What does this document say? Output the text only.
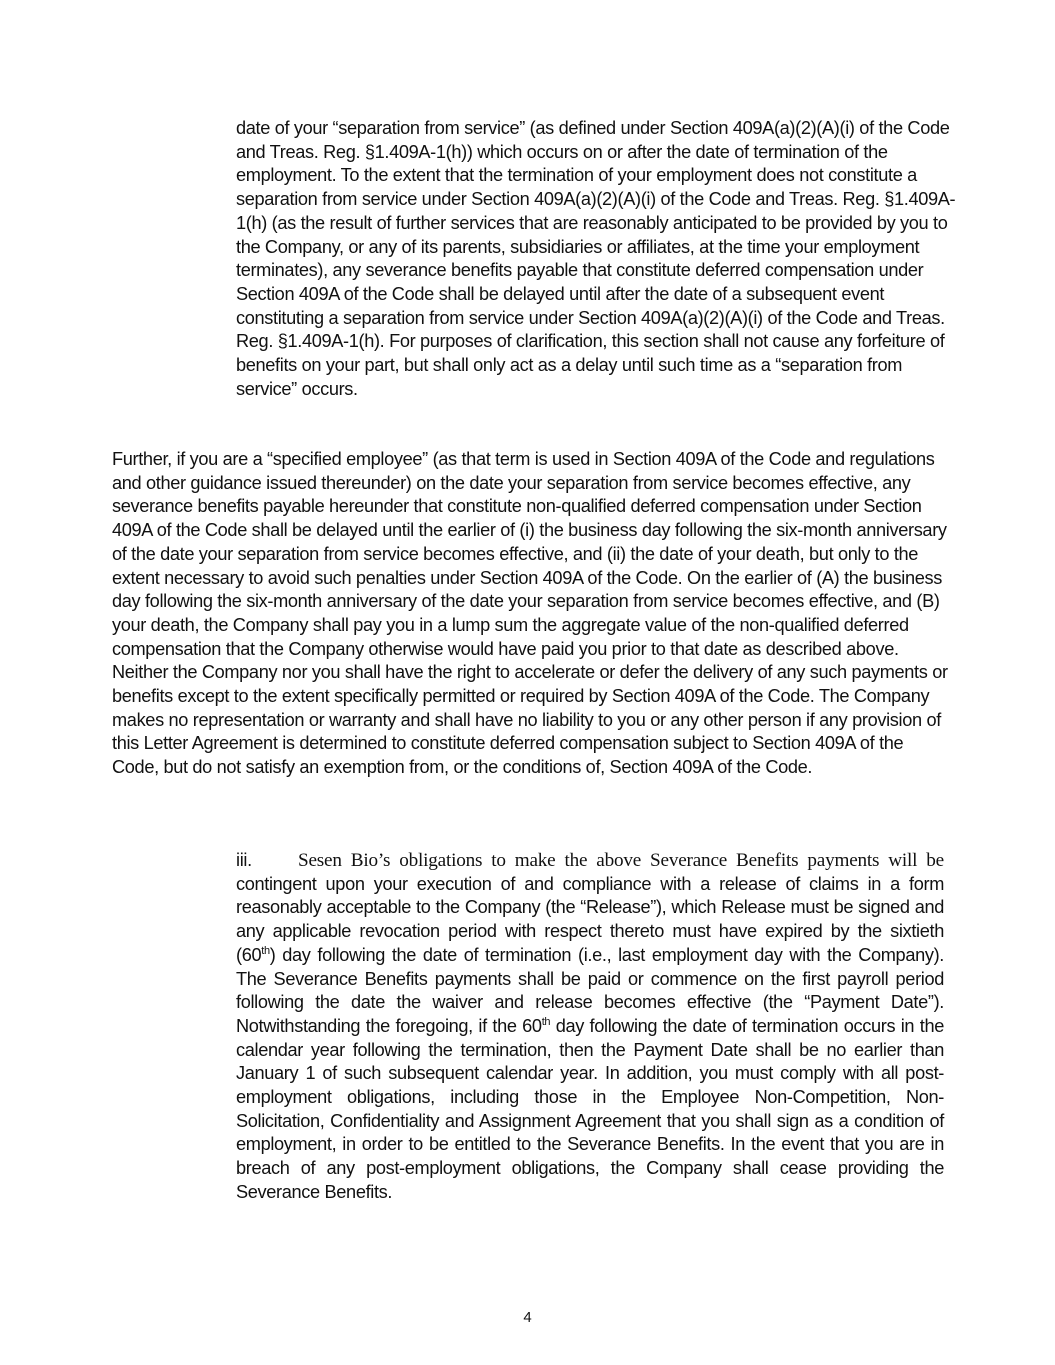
date of your “separation from service” (as defined under Section 409A(a)(2)(A)(i) of the Code and Treas. Reg. §1.409A-1(h)) which occurs on or after the date of termination of the employment. To the extent that the termination of your employment does not constitute a separation from service under Section 409A(a)(2)(A)(i) of the Code and Treas. Reg. §1.409A-1(h) (as the result of further services that are reasonably anticipated to be provided by you to the Company, or any of its parents, subsidiaries or affiliates, at the time your employment terminates), any severance benefits payable that constitute deferred compensation under Section 409A of the Code shall be delayed until after the date of a subsequent event constituting a separation from service under Section 409A(a)(2)(A)(i) of the Code and Treas. Reg. §1.409A-1(h). For purposes of clarification, this section shall not cause any forfeiture of benefits on your part, but shall only act as a delay until such time as a “separation from service” occurs.

Further, if you are a “specified employee” (as that term is used in Section 409A of the Code and regulations and other guidance issued thereunder) on the date your separation from service becomes effective, any severance benefits payable hereunder that constitute non-qualified deferred compensation under Section 409A of the Code shall be delayed until the earlier of (i) the business day following the six-month anniversary of the date your separation from service becomes effective, and (ii) the date of your death, but only to the extent necessary to avoid such penalties under Section 409A of the Code. On the earlier of (A) the business day following the six-month anniversary of the date your separation from service becomes effective, and (B) your death, the Company shall pay you in a lump sum the aggregate value of the non-qualified deferred compensation that the Company otherwise would have paid you prior to that date as described above. Neither the Company nor you shall have the right to accelerate or defer the delivery of any such payments or benefits except to the extent specifically permitted or required by Section 409A of the Code. The Company makes no representation or warranty and shall have no liability to you or any other person if any provision of this Letter Agreement is determined to constitute deferred compensation subject to Section 409A of the Code, but do not satisfy an exemption from, or the conditions of, Section 409A of the Code.

iii. Sesen Bio’s obligations to make the above Severance Benefits payments will be contingent upon your execution of and compliance with a release of claims in a form reasonably acceptable to the Company (the “Release”), which Release must be signed and any applicable revocation period with respect thereto must have expired by the sixtieth (60th) day following the date of termination (i.e., last employment day with the Company). The Severance Benefits payments shall be paid or commence on the first payroll period following the date the waiver and release becomes effective (the “Payment Date”). Notwithstanding the foregoing, if the 60th day following the date of termination occurs in the calendar year following the termination, then the Payment Date shall be no earlier than January 1 of such subsequent calendar year. In addition, you must comply with all post-employment obligations, including those in the Employee Non-Competition, Non-Solicitation, Confidentiality and Assignment Agreement that you shall sign as a condition of employment, in order to be entitled to the Severance Benefits. In the event that you are in breach of any post-employment obligations, the Company shall cease providing the Severance Benefits.

4
